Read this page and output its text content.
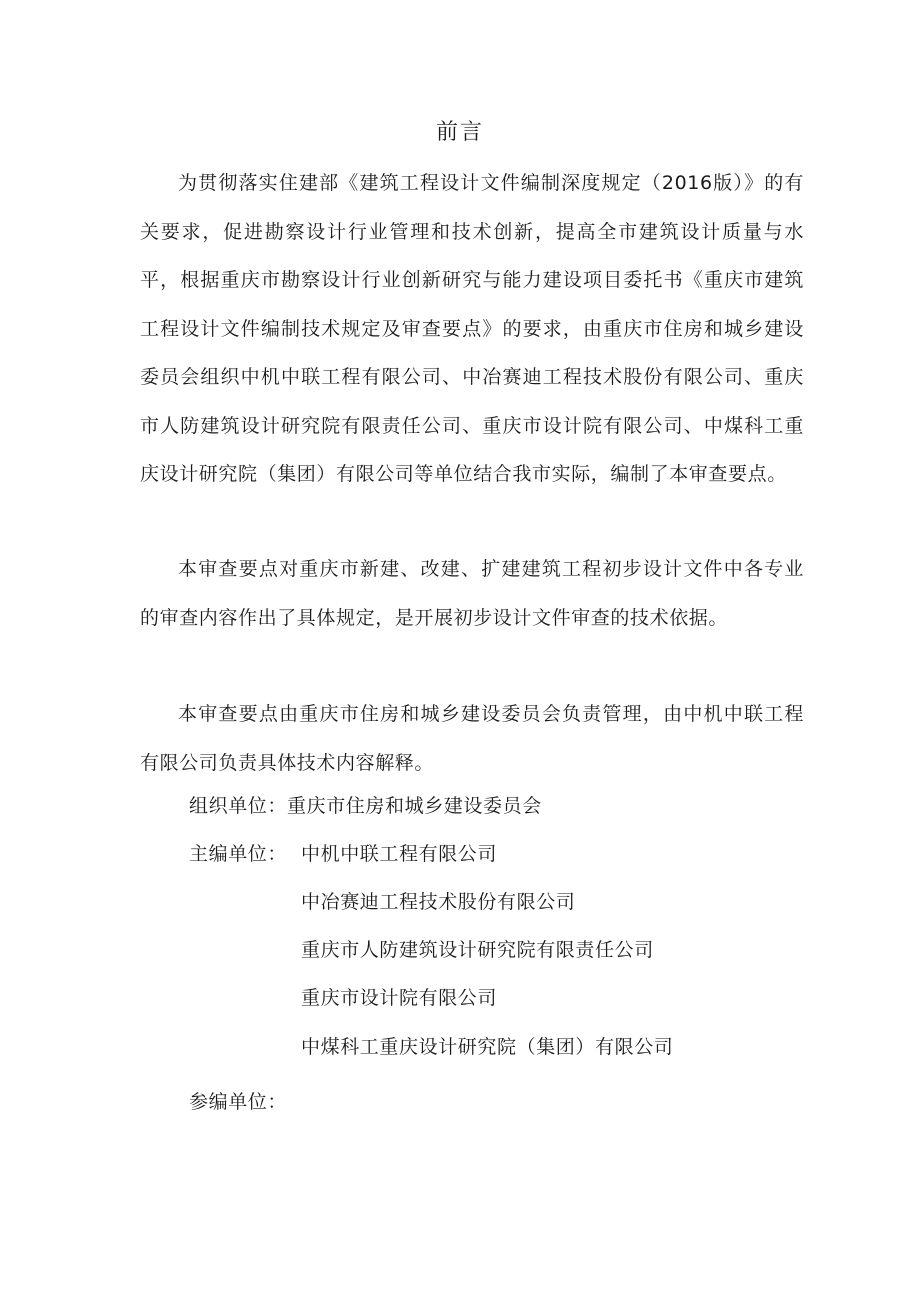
前言

为贯彻落实住建部《建筑工程设计文件编制深度规定（2016版）》的有关要求，促进勘察设计行业管理和技术创新，提高全市建筑设计质量与水平，根据重庆市勘察设计行业创新研究与能力建设项目委托书《重庆市建筑工程设计文件编制技术规定及审查要点》的要求，由重庆市住房和城乡建设委员会组织中机中联工程有限公司、中冶赛迪工程技术股份有限公司、重庆市人防建筑设计研究院有限责任公司、重庆市设计院有限公司、中煤科工重庆设计研究院（集团）有限公司等单位结合我市实际，编制了本审查要点。

本审查要点对重庆市新建、改建、扩建建筑工程初步设计文件中各专业的审查内容作出了具体规定，是开展初步设计文件审查的技术依据。

本审查要点由重庆市住房和城乡建设委员会负责管理，由中机中联工程有限公司负责具体技术内容解释。

组织单位：重庆市住房和城乡建设委员会
主编单位： 中机中联工程有限公司
中冶赛迪工程技术股份有限公司
重庆市人防建筑设计研究院有限责任公司
重庆市设计院有限公司
中煤科工重庆设计研究院（集团）有限公司
参编单位：
